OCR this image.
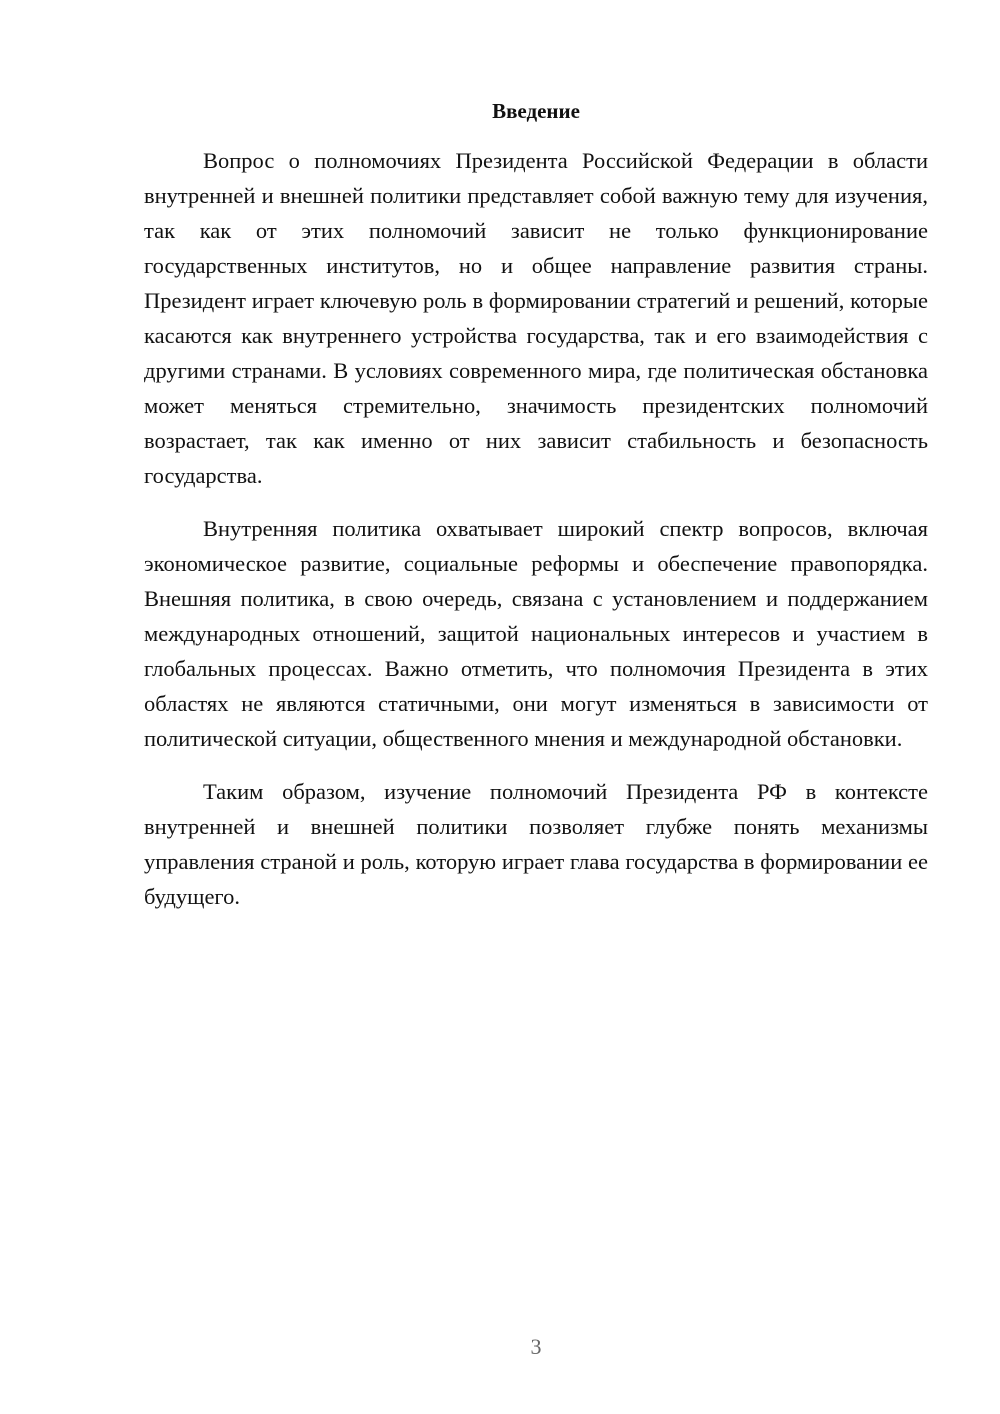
Введение

Вопрос о полномочиях Президента Российской Федерации в области внутренней и внешней политики представляет собой важную тему для изучения, так как от этих полномочий зависит не только функционирование государственных институтов, но и общее направление развития страны. Президент играет ключевую роль в формировании стратегий и решений, которые касаются как внутреннего устройства государства, так и его взаимодействия с другими странами. В условиях современного мира, где политическая обстановка может меняться стремительно, значимость президентских полномочий возрастает, так как именно от них зависит стабильность и безопасность государства.

Внутренняя политика охватывает широкий спектр вопросов, включая экономическое развитие, социальные реформы и обеспечение правопорядка. Внешняя политика, в свою очередь, связана с установлением и поддержанием международных отношений, защитой национальных интересов и участием в глобальных процессах. Важно отметить, что полномочия Президента в этих областях не являются статичными, они могут изменяться в зависимости от политической ситуации, общественного мнения и международной обстановки.

Таким образом, изучение полномочий Президента РФ в контексте внутренней и внешней политики позволяет глубже понять механизмы управления страной и роль, которую играет глава государства в формировании ее будущего.

3
